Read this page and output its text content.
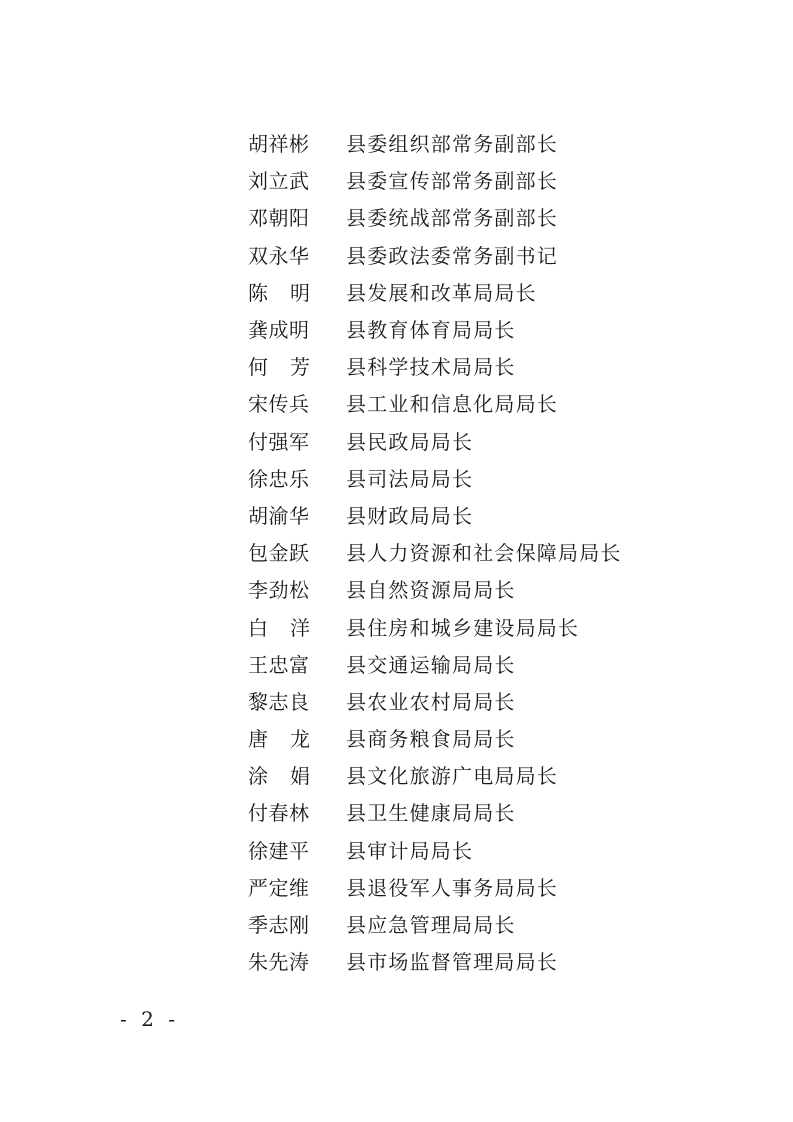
胡祥彬	县委组织部常务副部长
刘立武	县委宣传部常务副部长
邓朝阳	县委统战部常务副部长
双永华	县委政法委常务副书记
陈明 县发展和改革局局长
龚成明	县教育体育局局长
何芳 县科学技术局局长
宋传兵	县工业和信息化局局长
付强军	县民政局局长
徐忠乐	县司法局局长
胡渝华	县财政局局长
包金跃	县人力资源和社会保障局局长
李劲松	县自然资源局局长
白洋 县住房和城乡建设局局长
王忠富	县交通运输局局长
黎志良	县农业农村局局长
唐龙 县商务粮食局局长
涂娟 县文化旅游广电局局长
付春林	县卫生健康局局长
徐建平	县审计局局长
严定维	县退役军人事务局局长
季志刚	县应急管理局局长
朱先涛	县市场监督管理局局长
- 2 -
